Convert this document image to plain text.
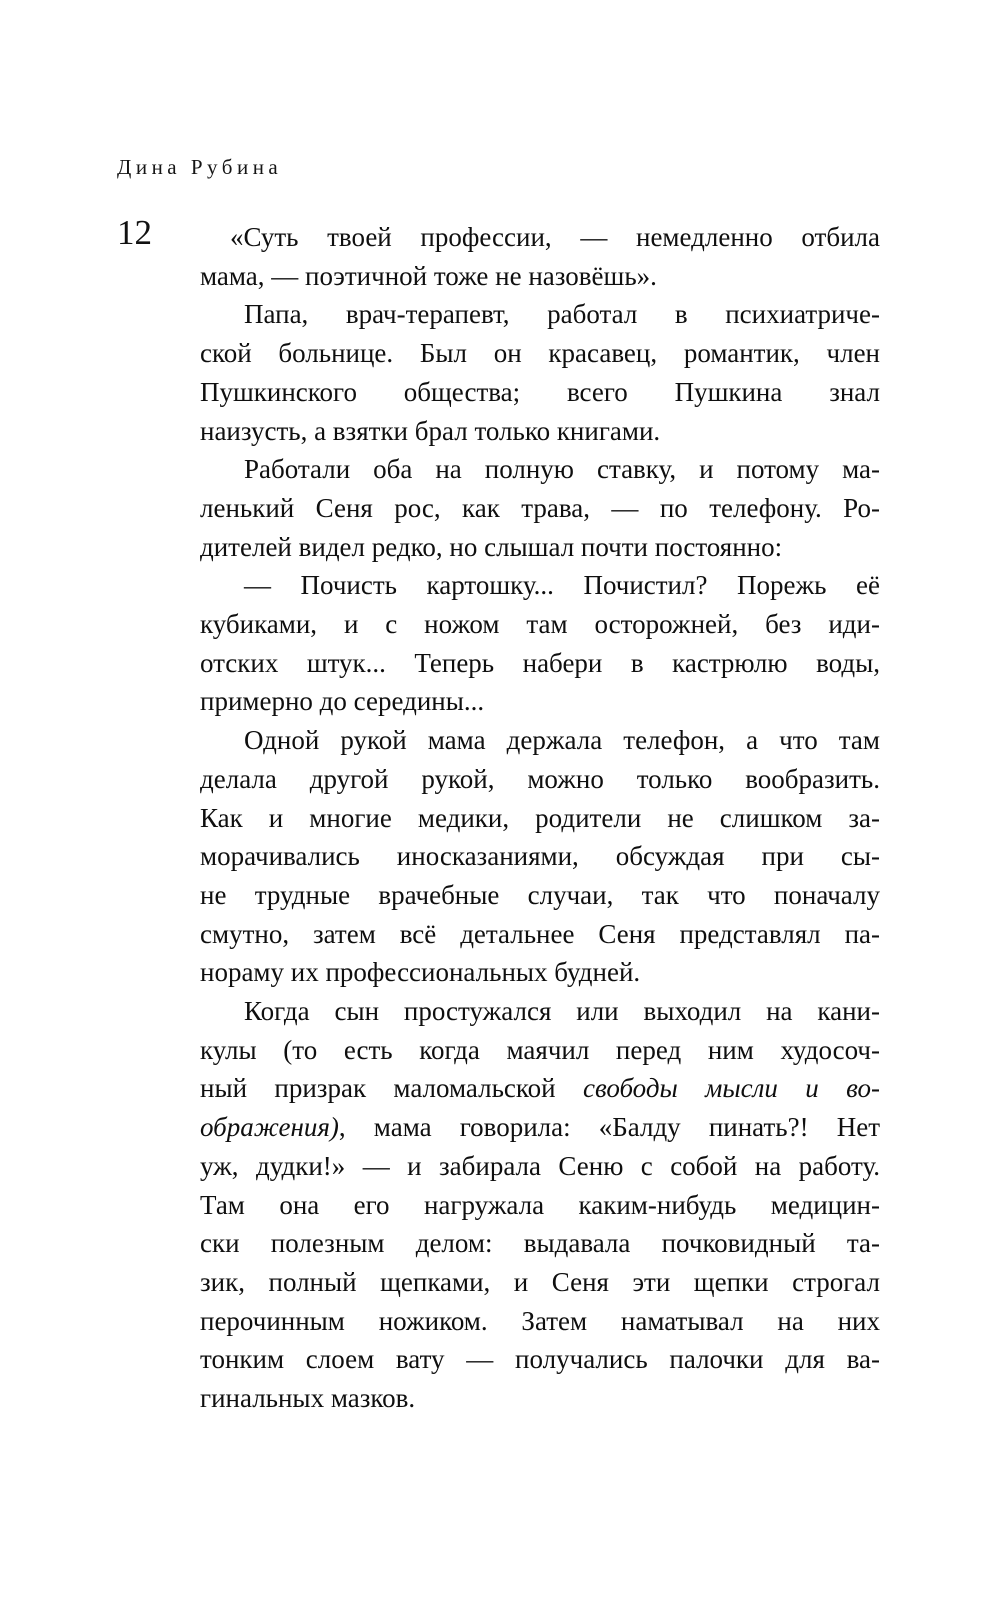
Дина Рубина
12	«Суть твоей профессии, — немедленно отбила
мама, — поэтичной тоже не назовёшь».
Папа, врач-терапевт, работал в психиатриче-
ской больнице. Был он красавец, романтик, член
Пушкинского общества; всего Пушкина знал
наизусть, а взятки брал только книгами.
Работали оба на полную ставку, и потому ма-
ленький Сеня рос, как трава, — по телефону. Ро-
дителей видел редко, но слышал почти постоянно:
— Почисть картошку... Почистил? Порежь её
кубиками, и с ножом там осторожней, без иди-
отских штук... Теперь набери в кастрюлю воды,
примерно до середины...
Одной рукой мама держала телефон, а что там
делала другой рукой, можно только вообразить.
Как и многие медики, родители не слишком за-
морачивались иносказаниями, обсуждая при сы-
не трудные врачебные случаи, так что поначалу
смутно, затем всё детальнее Сеня представлял па-
нораму их профессиональных будней.
Когда сын простужался или выходил на кани-
кулы (то есть когда маячил перед ним худосоч-
ный призрак маломальской свободы мысли и во-
ображения), мама говорила: «Балду пинать?! Нет
уж, дудки!» — и забирала Сеню с собой на работу.
Там она его нагружала каким-нибудь медицин-
ски полезным делом: выдавала почковидный та-
зик, полный щепками, и Сеня эти щепки строгал
перочинным ножиком. Затем наматывал на них
тонким слоем вату — получались палочки для ва-
гинальных мазков.
